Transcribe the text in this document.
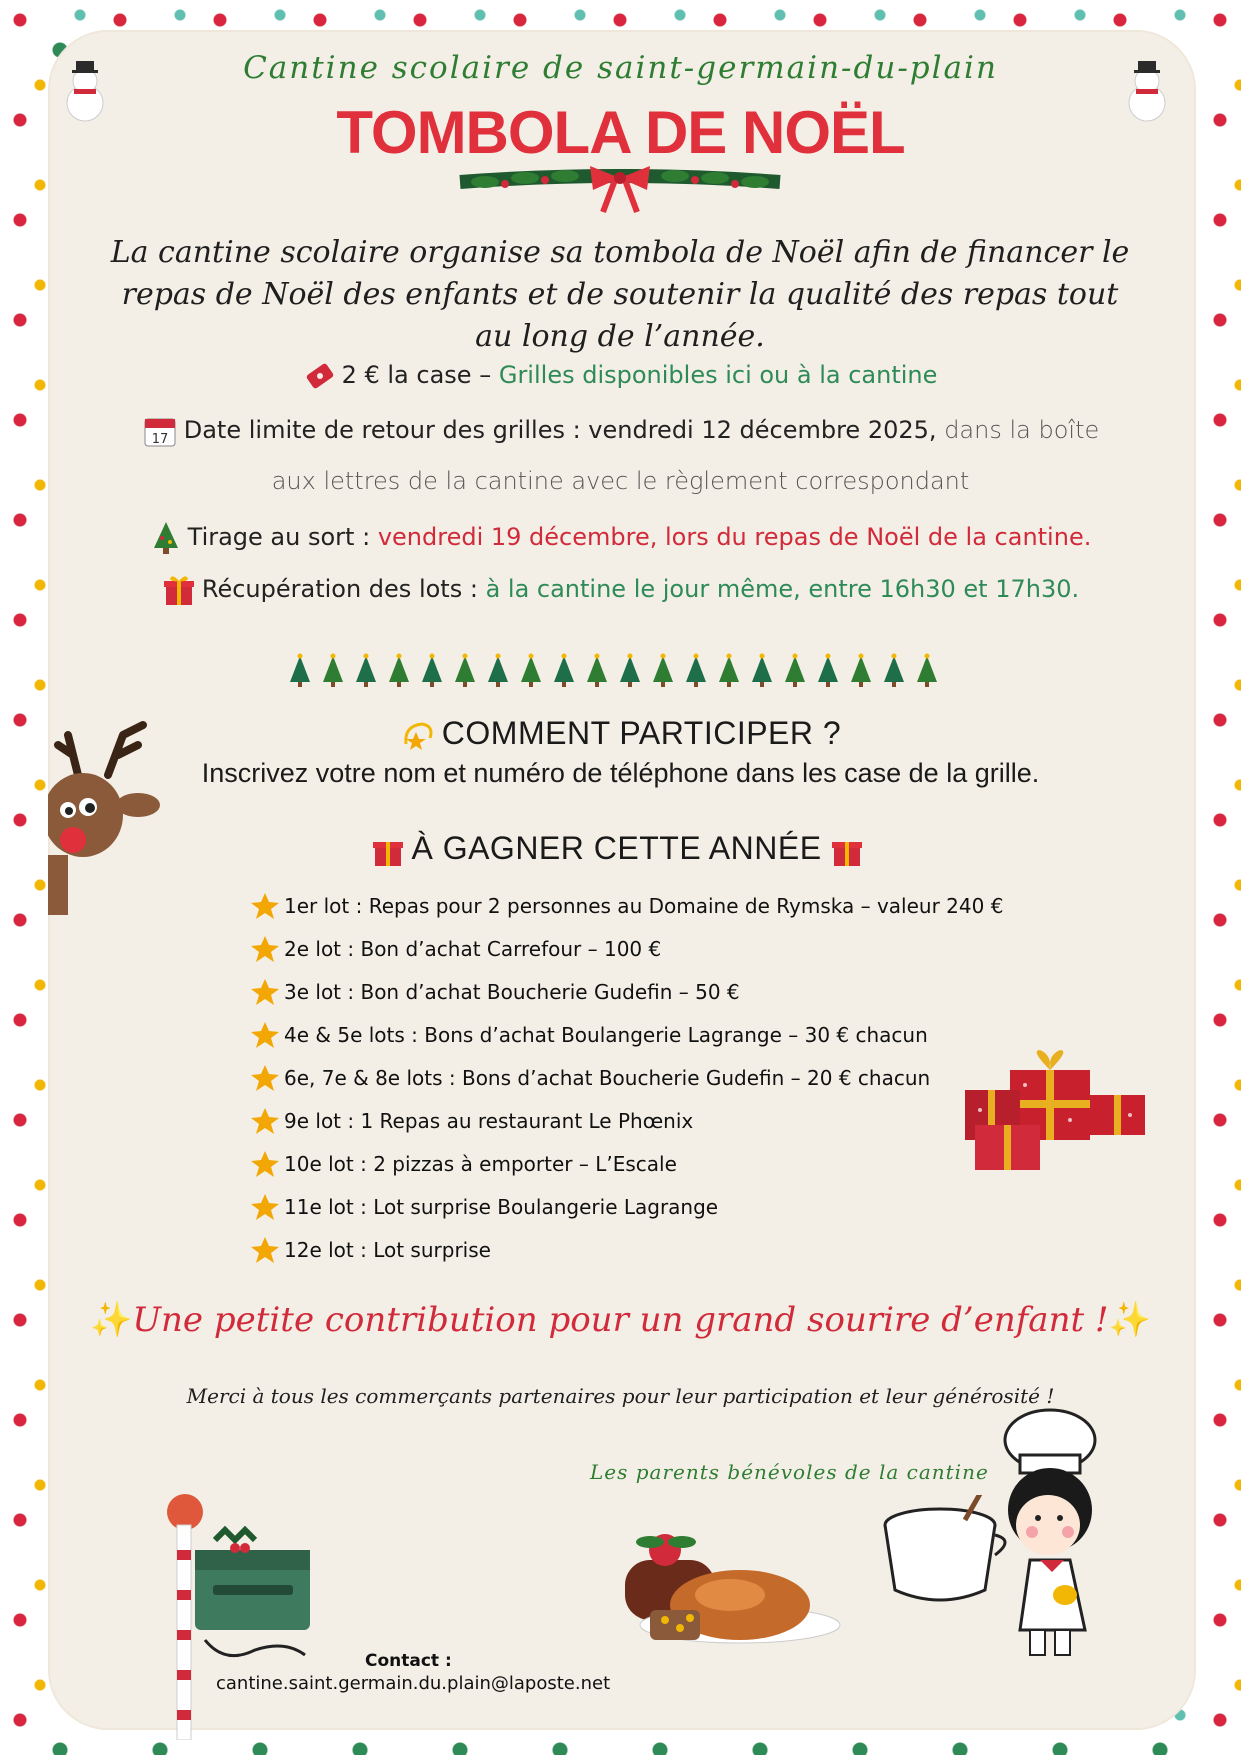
Cantine scolaire de saint-germain-du-plain
TOMBOLA DE NOËL
La cantine scolaire organise sa tombola de Noël afin de financer le repas de Noël des enfants et de soutenir la qualité des repas tout au long de l’année.
2 € la case – Grilles disponibles ici ou à la cantine
17 Date limite de retour des grilles : vendredi 12 décembre 2025, dans la boîte
aux lettres de la cantine avec le règlement correspondant
Tirage au sort : vendredi 19 décembre, lors du repas de Noël de la cantine.
Récupération des lots : à la cantine le jour même, entre 16h30 et 17h30.
COMMENT PARTICIPER ?
Inscrivez votre nom et numéro de téléphone dans les case de la grille.
À GAGNER CETTE ANNÉE
1er lot : Repas pour 2 personnes au Domaine de Rymska – valeur 240 €
2e lot : Bon d’achat Carrefour – 100 €
3e lot : Bon d’achat Boucherie Gudefin – 50 €
4e & 5e lots : Bons d’achat Boulangerie Lagrange – 30 € chacun
6e, 7e & 8e lots : Bons d’achat Boucherie Gudefin – 20 € chacun
9e lot : 1 Repas au restaurant Le Phœnix
10e lot : 2 pizzas à emporter – L’Escale
11e lot : Lot surprise Boulangerie Lagrange
12e lot : Lot surprise
✨Une petite contribution pour un grand sourire d’enfant !✨
Merci à tous les commerçants partenaires pour leur participation et leur générosité !
Les parents bénévoles de la cantine
Contact :
cantine.saint.germain.du.plain@laposte.net
